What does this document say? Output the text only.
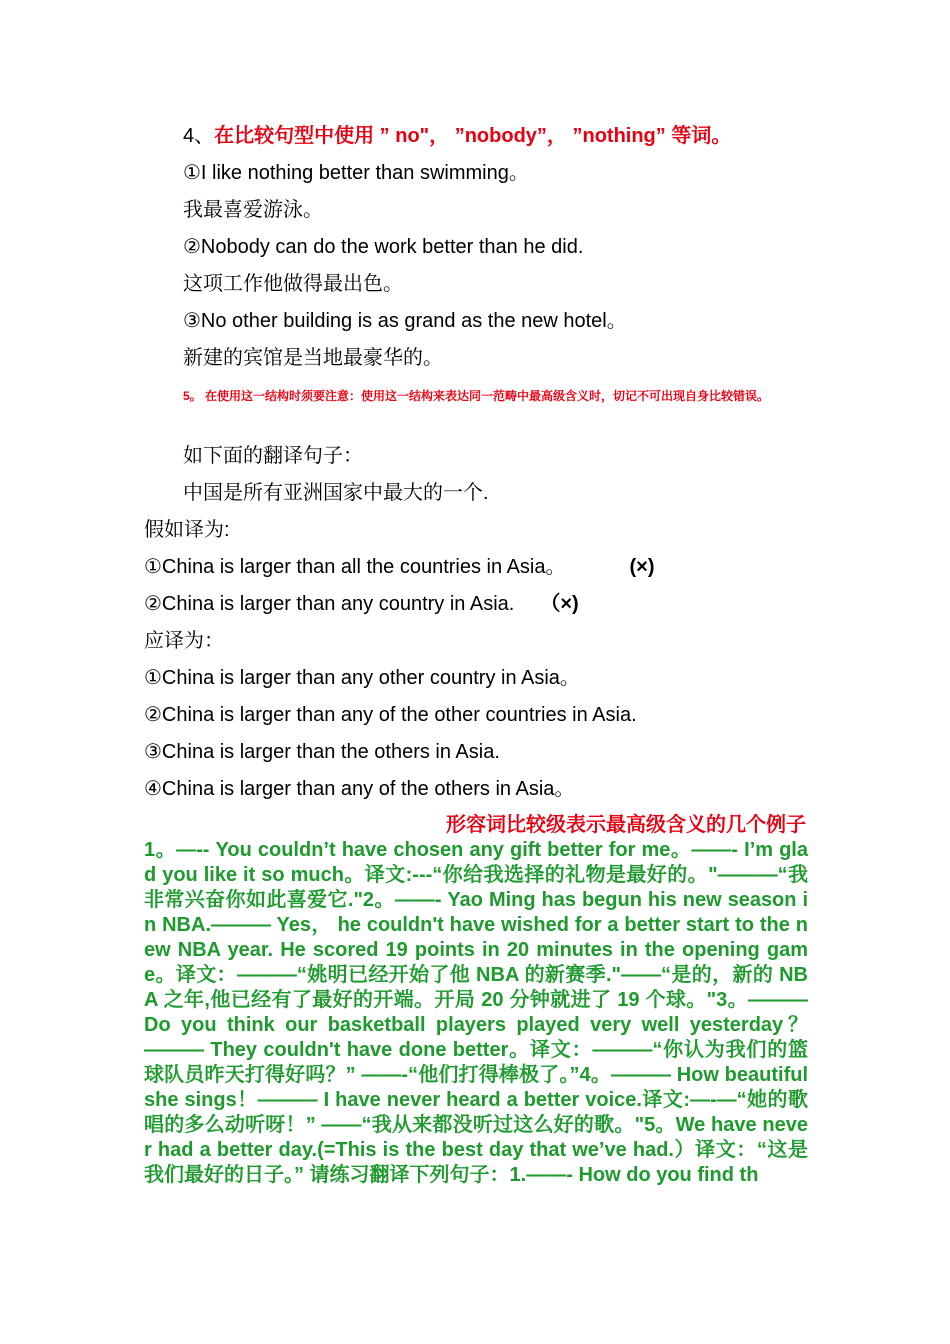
4、在比较句型中使用 ” no"， ”nobody”， ”nothing” 等词。
①I like nothing better than swimming。
我最喜爱游泳。
②Nobody can do the work better than he did.
这项工作他做得最出色。
③No other building is as grand as the new hotel。
新建的宾馆是当地最豪华的。
5。 在使用这一结构时须要注意：使用这一结构来表达同一范畴中最高级含义时，切记不可出现自身比较错误。
如下面的翻译句子：
中国是所有亚洲国家中最大的一个.
假如译为:
①China is larger than all the countries in Asia。	(×)
②China is larger than any country in Asia. （×)
应译为：
①China is larger than any other country in Asia。
②China is larger than any of the other countries in Asia.
③China is larger than the others in Asia.
④China is larger than any of the others in Asia。
形容词比较级表示最高级含义的几个例子
1。—-- You couldn’t have chosen any gift better for me。——- I’m glad you like it so much。译文:---“你给我选择的礼物是最好的。"———“我非常兴奋你如此喜爱它."2。——- Yao Ming has begun his new season in NBA.——— Yes， he couldn't have wished for a better start to the new NBA year. He scored 19 points in 20 minutes in the opening game。译文：———“姚明已经开始了他 NBA 的新赛季."——“是的，新的 NBA 之年,他已经有了最好的开端。开局 20 分钟就进了 19 个球。"3。——— Do you think our basketball players played very well yesterday？——— They couldn't have done better。译文：———“你认为我们的篮球队员昨天打得好吗？” ——-“他们打得棒极了。”4。——— How beautiful she sings！——— I have never heard a better voice.译文:—-—“她的歌唱的多么动听呀！” ——“我从来都没听过这么好的歌。"5。We have never had a better day.(=This is the best day that we’ve had.）译文：“这是我们最好的日子。” 请练习翻译下列句子：1.——- How do you find th
